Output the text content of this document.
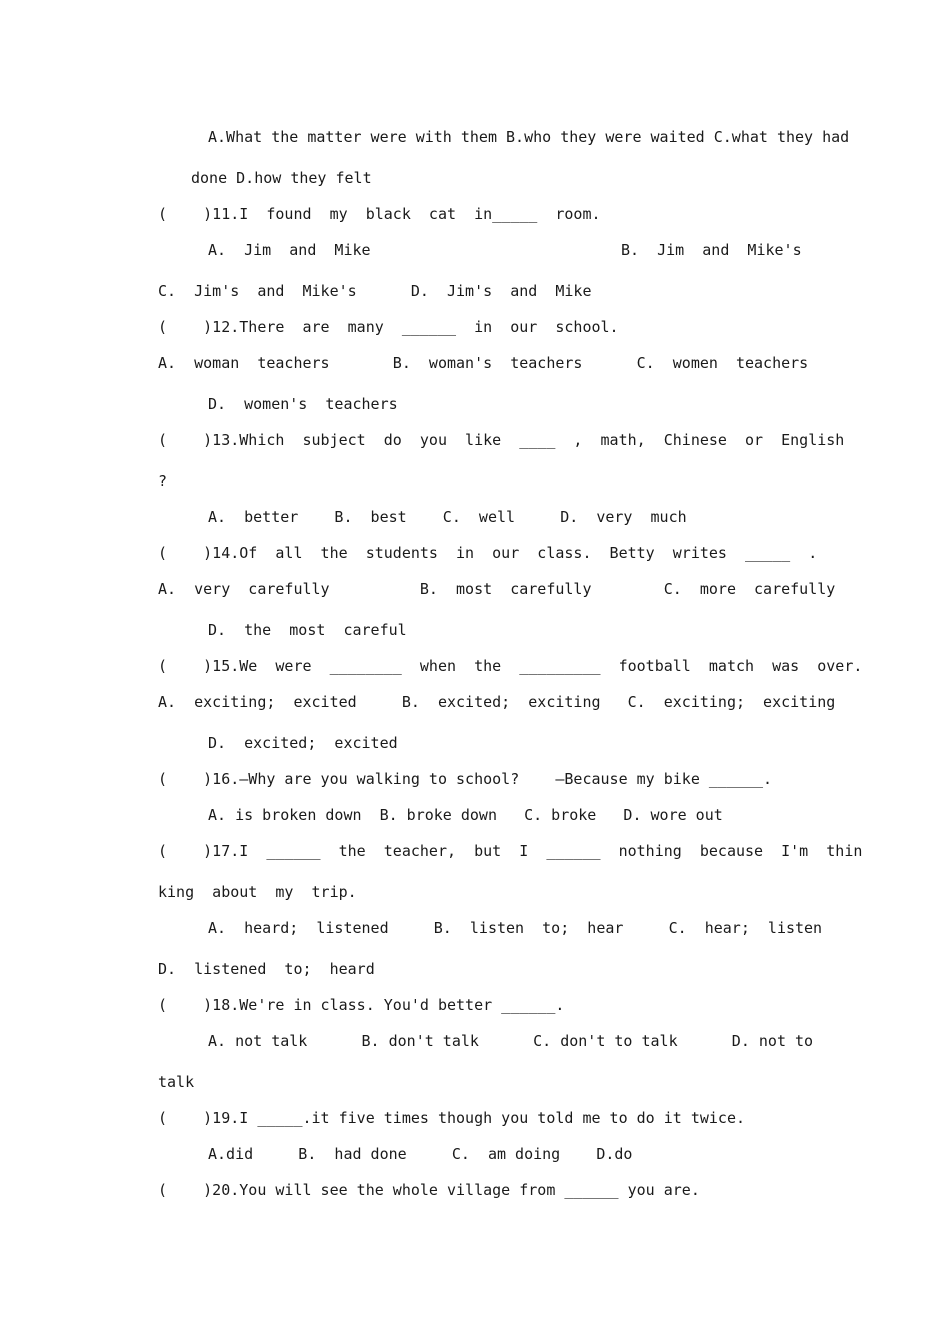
A.What the matter were with them B.who they were waited C.what they had
done D.how they felt
(    )11.I  found  my  black  cat  in_____  room.
A.  Jim  and  Mike	B.  Jim  and  Mike's
C.  Jim's  and  Mike's      D.  Jim's  and  Mike
(    )12.There  are  many  ______  in  our  school.
A.  woman  teachers       B.  woman's  teachers      C.  women  teachers
D.  women's  teachers
(    )13.Which  subject  do  you  like  ____  ,  math,  Chinese  or  English
?
A.  better    B.  best    C.  well     D.  very  much
(    )14.Of  all  the  students  in  our  class.  Betty  writes  _____  .
A.  very  carefully          B.  most  carefully        C.  more  carefully
D.  the  most  careful
(    )15.We  were  ________  when  the  _________  football  match  was  over.
A.  exciting;  excited     B.  excited;  exciting   C.  exciting;  exciting
D.  excited;  excited
(    )16.—Why are you walking to school?    —Because my bike ______.
A. is broken down  B. broke down   C. broke   D. wore out
(    )17.I  ______  the  teacher,  but  I  ______  nothing  because  I'm  thin
king  about  my  trip.
A.  heard;  listened     B.  listen  to;  hear     C.  hear;  listen
D.  listened  to;  heard
(    )18.We're in class. You'd better ______.
A. not talk      B. don't talk      C. don't to talk      D. not to
talk
(    )19.I _____.it five times though you told me to do it twice.
A.did     B.  had done     C.  am doing    D.do
(    )20.You will see the whole village from ______ you are.
